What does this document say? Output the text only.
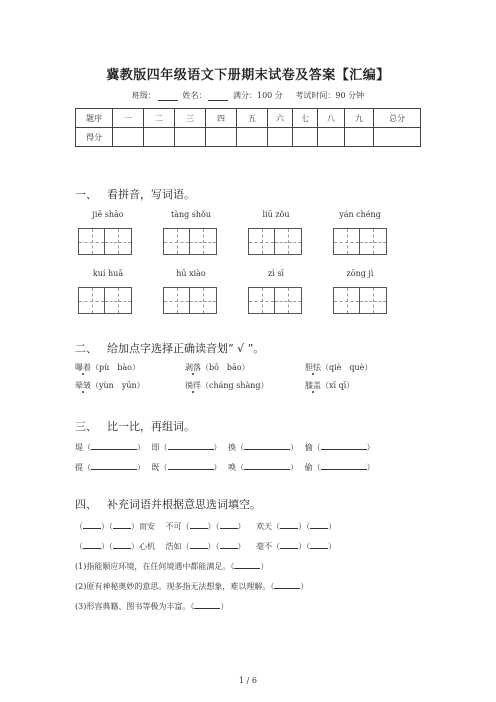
冀教版四年级语文下册期末试卷及答案【汇编】
班级：	姓名：	满分：100 分 考试时间：90 分钟
题序	一	二	三	四	五	六	七	八	九	总分
得分										
一、 看拼音，写词语。
jiē shāo	tàng shǒu	liū zǒu	yán chéng
kuí huā	hū xiào	zì sī	zōng jì
二、 给加点字选择正确读音划“ √ ”。
曝着（pù　bào）	剥落（bō　bāo）	胆怯（qiè　què）
晕皱（yùn　yūn）	徜徉（cháng shàng）	膝盖（xī qī）
三、 比一比，再组词。
堤（	） 即（	） 换（	） 愉（	）
提（	） 既（	） 唤（	） 偷（	）
四、 补充词语并根据意思选词填空。
（ ）（ ）而安 不可（ ）（ ） 欢天（ ）（ ）
（ ）（ ）心机 浩如（ ）（ ） 毫不（ ）（ ）
(1)指能顺应环境，在任何境遇中都能满足。（	）
(2)原有神秘奥妙的意思。现多指无法想象，难以理解。（	）
(3)形容典籍、图书等极为丰富。（	）
1 / 6
